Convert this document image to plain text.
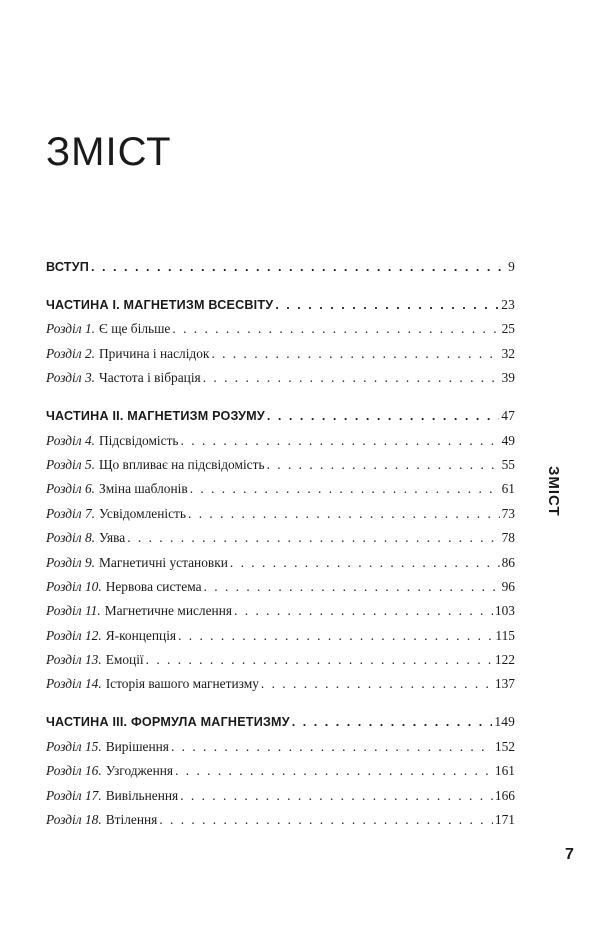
ЗМІСТ
ВСТУП . . .	9
ЧАСТИНА I. МАГНЕТИЗМ ВСЕСВІТУ . . .	23
Розділ 1. Є ще більше . . .	25
Розділ 2. Причина і наслідок . . .	32
Розділ 3. Частота і вібрація . . .	39
ЧАСТИНА II. МАГНЕТИЗМ РОЗУМУ . . .	47
Розділ 4. Підсвідомість . . .	49
Розділ 5. Що впливає на підсвідомість . . .	55
Розділ 6. Зміна шаблонів . . .	61
Розділ 7. Усвідомленість . . .	73
Розділ 8. Уява . . .	78
Розділ 9. Магнетичні установки . . .	86
Розділ 10. Нервова система . . .	96
Розділ 11. Магнетичне мислення . . .	103
Розділ 12. Я-концепція . . .	115
Розділ 13. Емоції . . .	122
Розділ 14. Історія вашого магнетизму . . .	137
ЧАСТИНА III. ФОРМУЛА МАГНЕТИЗМУ . . .	149
Розділ 15. Вирішення . . .	152
Розділ 16. Узгодження . . .	161
Розділ 17. Вивільнення . . .	166
Розділ 18. Втілення . . .	171
ЗМІСТ
7
